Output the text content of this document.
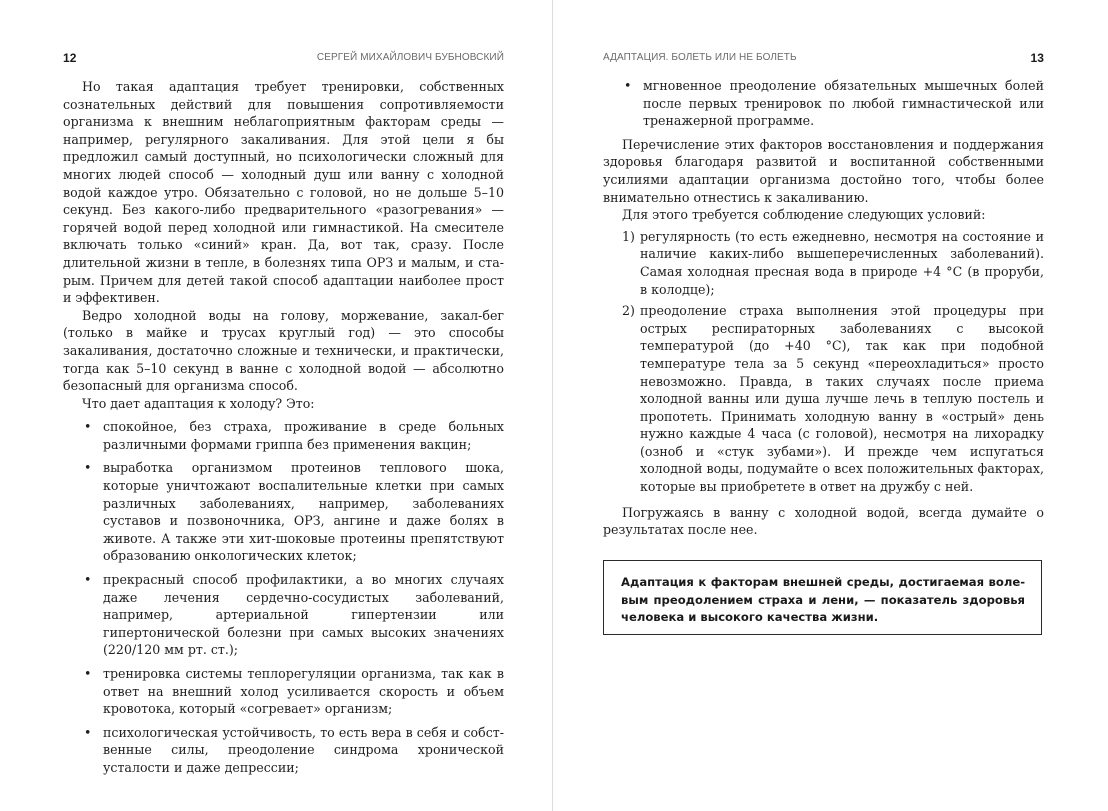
12	СЕРГЕЙ МИХАЙЛОВИЧ БУБНОВСКИЙ

Но такая адаптация требует тренировки, собственных сознательных действий для повышения сопротивляемости организма к внешним неблагоприятным факторам среды — например, регулярного закаливания. Для этой цели я бы предложил самый доступный, но психологически сложный для многих людей способ — холодный душ или ванну с холодной водой каждое утро. Обязательно с головой, но не дольше 5–10 секунд. Без какого-либо предварительного «разогревания» — горячей водой перед холодной или гимнастикой. На смесителе включать только «синий» кран. Да, вот так, сразу. После длительной жизни в тепле, в болезнях типа ОРЗ и малым, и старым. Причем для детей такой способ адаптации наиболее прост и эффективен.

Ведро холодной воды на голову, моржевание, закал-бег (только в майке и трусах круглый год) — это способы закаливания, достаточно сложные и технически, и практически, тогда как 5–10 секунд в ванне с холодной водой — абсолютно безопасный для организма способ.

Что дает адаптация к холоду? Это:

• спокойное, без страха, проживание в среде больных различными формами гриппа без применения вакцин;
• выработка организмом протеинов теплового шока, которые уничтожают воспалительные клетки при самых различных заболеваниях, например, заболеваниях суставов и позвоночника, ОРЗ, ангине и даже болях в животе. А также эти хит-шоковые протеины препятствуют образованию онкологических клеток;
• прекрасный способ профилактики, а во многих случаях даже лечения сердечно-сосудистых заболеваний, например, артериальной гипертензии или гипертонической болезни при самых высоких значениях (220/120 мм рт. ст.);
• тренировка системы теплорегуляции организма, так как в ответ на внешний холод усиливается скорость и объем кровотока, который «согревает» организм;
• психологическая устойчивость, то есть вера в себя и собственные силы, преодоление синдрома хронической усталости и даже депрессии;
АДАПТАЦИЯ. БОЛЕТЬ ИЛИ НЕ БОЛЕТЬ	13
• мгновенное преодоление обязательных мышечных болей после первых тренировок по любой гимнастической или тренажерной программе.

Перечисление этих факторов восстановления и поддержания здоровья благодаря развитой и воспитанной собственными усилиями адаптации организма достойно того, чтобы более внимательно отнестись к закаливанию.

Для этого требуется соблюдение следующих условий:

1) регулярность (то есть ежедневно, несмотря на состояние и наличие каких-либо вышеперечисленных заболеваний). Самая холодная пресная вода в природе +4 °С (в проруби, в колодце);
2) преодоление страха выполнения этой процедуры при острых респираторных заболеваниях с высокой температурой (до +40 °С), так как при подобной температуре тела за 5 секунд «переохладиться» просто невозможно. Правда, в таких случаях после приема холодной ванны или душа лучше лечь в теплую постель и пропотеть. Принимать холодную ванну в «острый» день нужно каждые 4 часа (с головой), несмотря на лихорадку (озноб и «стук зубами»). И прежде чем испугаться холодной воды, подумайте о всех положительных факторах, которые вы приобретете в ответ на дружбу с ней.

Погружаясь в ванну с холодной водой, всегда думайте о результатах после нее.

Адаптация к факторам внешней среды, достигаемая волевым преодолением страха и лени, — показатель здоровья человека и высокого качества жизни.
